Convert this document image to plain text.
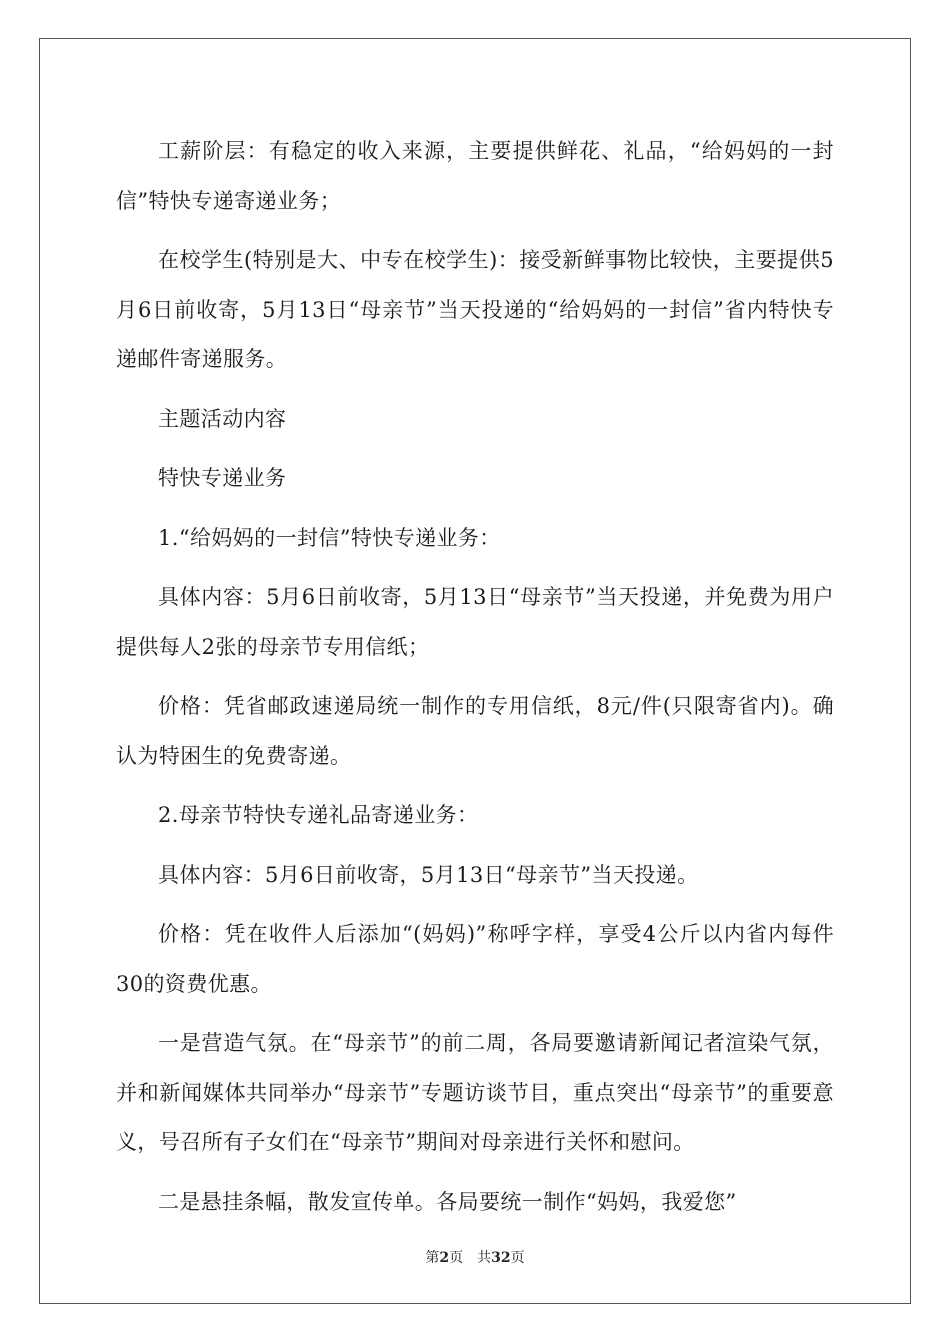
工薪阶层：有稳定的收入来源，主要提供鲜花、礼品，“给妈妈的一封信”特快专递寄递业务；

在校学生(特别是大、中专在校学生)：接受新鲜事物比较快，主要提供5月6日前收寄，5月13日“母亲节”当天投递的“给妈妈的一封信”省内特快专递邮件寄递服务。

主题活动内容

特快专递业务

1.“给妈妈的一封信”特快专递业务：

具体内容：5月6日前收寄，5月13日“母亲节”当天投递，并免费为用户提供每人2张的母亲节专用信纸；

价格：凭省邮政速递局统一制作的专用信纸，8元/件(只限寄省内)。确认为特困生的免费寄递。

2.母亲节特快专递礼品寄递业务：

具体内容：5月6日前收寄，5月13日“母亲节”当天投递。

价格：凭在收件人后添加“(妈妈)”称呼字样，享受4公斤以内省内每件30的资费优惠。

一是营造气氛。在“母亲节”的前二周，各局要邀请新闻记者渲染气氛，并和新闻媒体共同举办“母亲节”专题访谈节目，重点突出“母亲节”的重要意义，号召所有子女们在“母亲节”期间对母亲进行关怀和慰问。

二是悬挂条幅，散发宣传单。各局要统一制作“妈妈，我爱您”

第2页 共32页
